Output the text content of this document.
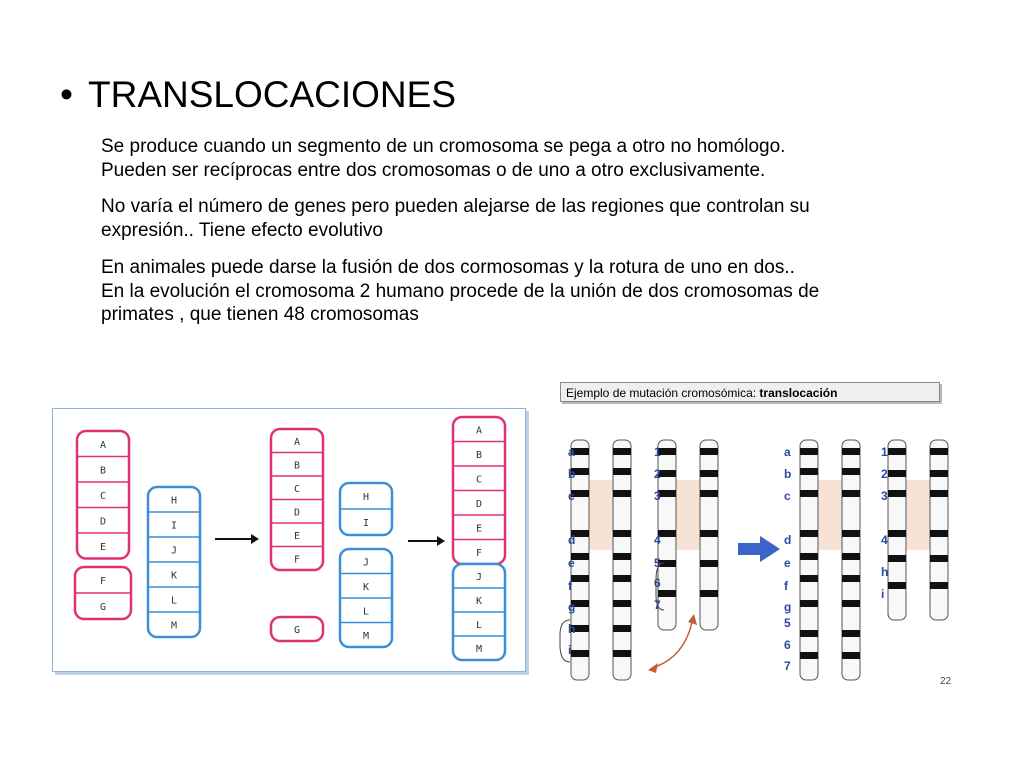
• TRANSLOCACIONES
Se produce cuando un segmento de un cromosoma se pega a otro no homólogo.
Pueden ser recíprocas entre dos cromosomas o de uno a otro exclusivamente.
No varía el número de genes pero pueden alejarse de las regiones que controlan su
expresión.. Tiene efecto evolutivo
En animales puede darse la fusión de dos cormosomas y la rotura de uno en dos..
En la evolución el cromosoma 2 humano procede de la unión de dos cromosomas de
primates , que tienen 48 cromosomas
A
B
C
D
E
F
G
H
I
J
K
L
M
A
B
C
D
E
F
G
H
I
J
K
L
M
A
B
C
D
E
F
J
K
L
M
Ejemplo de mutación cromosómica: translocación
a
b
c
d
e
f
g
h
i
1
2
3
4
5
6
7
a
b
c
d
e
f
g
5
6
7
1
2
3
4
h
i
22
